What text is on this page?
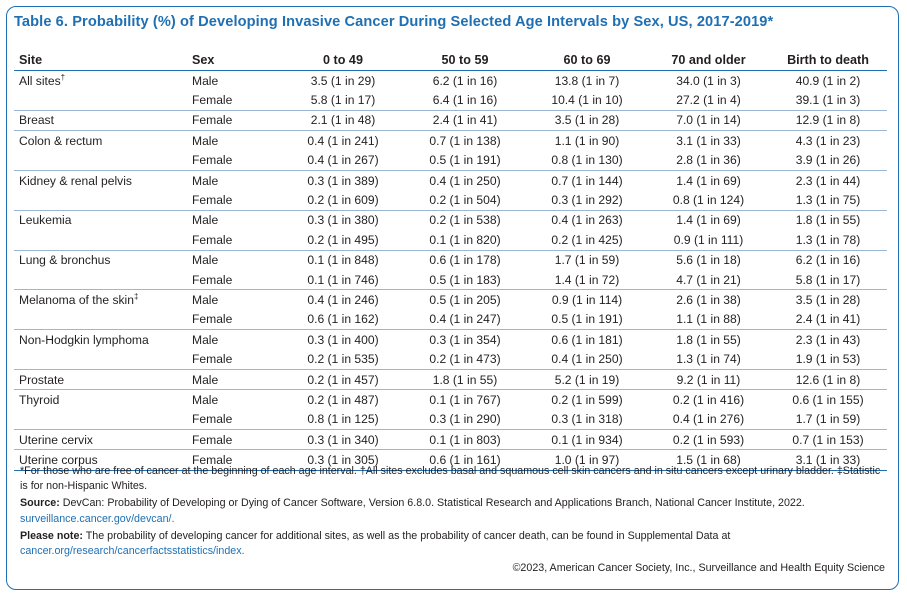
Table 6. Probability (%) of Developing Invasive Cancer During Selected Age Intervals by Sex, US, 2017-2019*
Site	Sex	0 to 49	50 to 59	60 to 69	70 and older	Birth to death
All sites†	Male	3.5 (1 in 29)	6.2 (1 in 16)	13.8 (1 in 7)	34.0 (1 in 3)	40.9 (1 in 2)
	Female	5.8 (1 in 17)	6.4 (1 in 16)	10.4 (1 in 10)	27.2 (1 in 4)	39.1 (1 in 3)
Breast	Female	2.1 (1 in 48)	2.4 (1 in 41)	3.5 (1 in 28)	7.0 (1 in 14)	12.9 (1 in 8)
Colon & rectum	Male	0.4 (1 in 241)	0.7 (1 in 138)	1.1 (1 in 90)	3.1 (1 in 33)	4.3 (1 in 23)
	Female	0.4 (1 in 267)	0.5 (1 in 191)	0.8 (1 in 130)	2.8 (1 in 36)	3.9 (1 in 26)
Kidney & renal pelvis	Male	0.3 (1 in 389)	0.4 (1 in 250)	0.7 (1 in 144)	1.4 (1 in 69)	2.3 (1 in 44)
	Female	0.2 (1 in 609)	0.2 (1 in 504)	0.3 (1 in 292)	0.8 (1 in 124)	1.3 (1 in 75)
Leukemia	Male	0.3 (1 in 380)	0.2 (1 in 538)	0.4 (1 in 263)	1.4 (1 in 69)	1.8 (1 in 55)
	Female	0.2 (1 in 495)	0.1 (1 in 820)	0.2 (1 in 425)	0.9 (1 in 111)	1.3 (1 in 78)
Lung & bronchus	Male	0.1 (1 in 848)	0.6 (1 in 178)	1.7 (1 in 59)	5.6 (1 in 18)	6.2 (1 in 16)
	Female	0.1 (1 in 746)	0.5 (1 in 183)	1.4 (1 in 72)	4.7 (1 in 21)	5.8 (1 in 17)
Melanoma of the skin‡	Male	0.4 (1 in 246)	0.5 (1 in 205)	0.9 (1 in 114)	2.6 (1 in 38)	3.5 (1 in 28)
	Female	0.6 (1 in 162)	0.4 (1 in 247)	0.5 (1 in 191)	1.1 (1 in 88)	2.4 (1 in 41)
Non-Hodgkin lymphoma	Male	0.3 (1 in 400)	0.3 (1 in 354)	0.6 (1 in 181)	1.8 (1 in 55)	2.3 (1 in 43)
	Female	0.2 (1 in 535)	0.2 (1 in 473)	0.4 (1 in 250)	1.3 (1 in 74)	1.9 (1 in 53)
Prostate	Male	0.2 (1 in 457)	1.8 (1 in 55)	5.2 (1 in 19)	9.2 (1 in 11)	12.6 (1 in 8)
Thyroid	Male	0.2 (1 in 487)	0.1 (1 in 767)	0.2 (1 in 599)	0.2 (1 in 416)	0.6 (1 in 155)
	Female	0.8 (1 in 125)	0.3 (1 in 290)	0.3 (1 in 318)	0.4 (1 in 276)	1.7 (1 in 59)
Uterine cervix	Female	0.3 (1 in 340)	0.1 (1 in 803)	0.1 (1 in 934)	0.2 (1 in 593)	0.7 (1 in 153)
Uterine corpus	Female	0.3 (1 in 305)	0.6 (1 in 161)	1.0 (1 in 97)	1.5 (1 in 68)	3.1 (1 in 33)

*For those who are free of cancer at the beginning of each age interval. †All sites excludes basal and squamous cell skin cancers and in situ cancers except urinary bladder. ‡Statistic is for non-Hispanic Whites.

Source: DevCan: Probability of Developing or Dying of Cancer Software, Version 6.8.0. Statistical Research and Applications Branch, National Cancer Institute, 2022.
surveillance.cancer.gov/devcan/.

Please note: The probability of developing cancer for additional sites, as well as the probability of cancer death, can be found in Supplemental Data at
cancer.org/research/cancerfactsstatistics/index.

©2023, American Cancer Society, Inc., Surveillance and Health Equity Science
